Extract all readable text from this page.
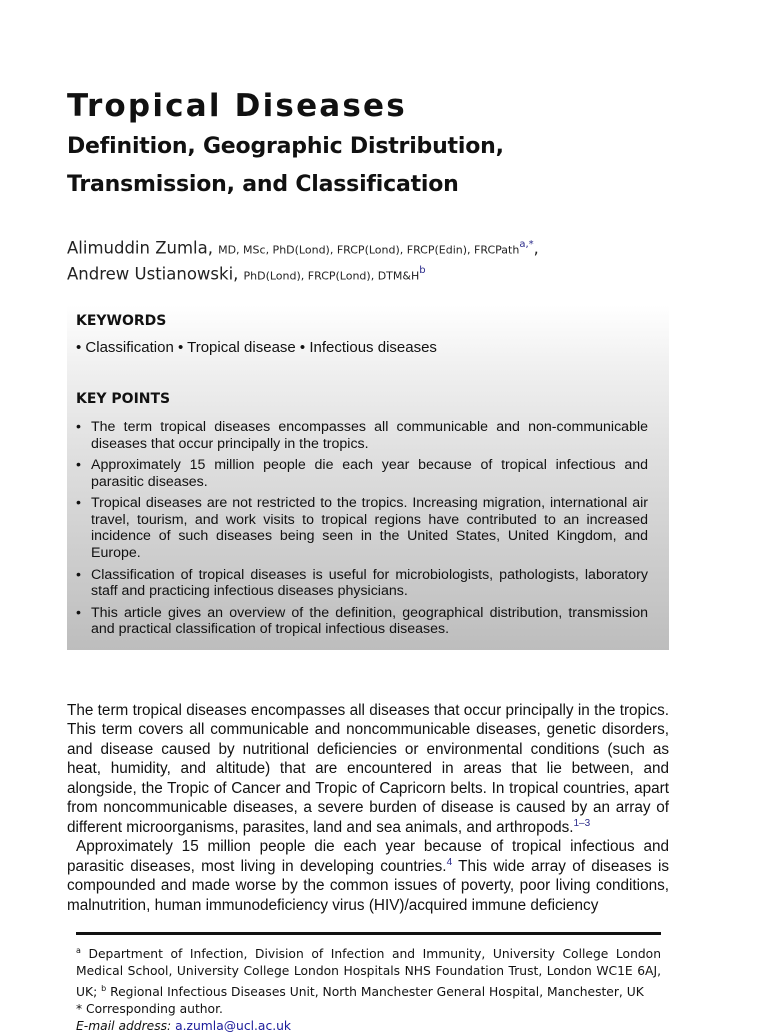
Tropical Diseases
Definition, Geographic Distribution, Transmission, and Classification
Alimuddin Zumla, MD, MSc, PhD(Lond), FRCP(Lond), FRCP(Edin), FRCPath$^{a,*}$,
Andrew Ustianowski, PhD(Lond), FRCP(Lond), $DTM\&H^b$
KEYWORDS
• Classification • Tropical disease • Infectious diseases
KEY POINTS
• The term tropical diseases encompasses all communicable and non-communicable diseases that occur principally in the tropics.
• Approximately 15 million people die each year because of tropical infectious and parasitic diseases.
• Tropical diseases are not restricted to the tropics. Increasing migration, international air travel, tourism, and work visits to tropical regions have contributed to an increased incidence of such diseases being seen in the United States, United Kingdom, and Europe.
• Classification of tropical diseases is useful for microbiologists, pathologists, laboratory staff and practicing infectious diseases physicians.
• This article gives an overview of the definition, geographical distribution, transmission and practical classification of tropical infectious diseases.

The term tropical diseases encompasses all diseases that occur principally in the tropics. This term covers all communicable and noncommunicable diseases, genetic disorders, and disease caused by nutritional deficiencies or environmental conditions (such as heat, humidity, and altitude) that are encountered in areas that lie between, and alongside, the Tropic of Cancer and Tropic of Capricorn belts. In tropical countries, apart from noncommunicable diseases, a severe burden of disease is caused by an array of different microorganisms, parasites, land and sea animals, and arthropods.$^{1-3}$

Approximately 15 million people die each year because of tropical infectious and parasitic diseases, most living in developing countries.$^4$ This wide array of diseases is compounded and made worse by the common issues of poverty, poor living conditions, malnutrition, human immunodeficiency virus (HIV)/acquired immune deficiency

$^a$ Department of Infection, Division of Infection and Immunity, University College London Medical School, University College London Hospitals NHS Foundation Trust, London WC1E 6AJ, UK; $^b$ Regional Infectious Diseases Unit, North Manchester General Hospital, Manchester, UK

* Corresponding author.

E-mail address: a.zumla@ucl.ac.uk
